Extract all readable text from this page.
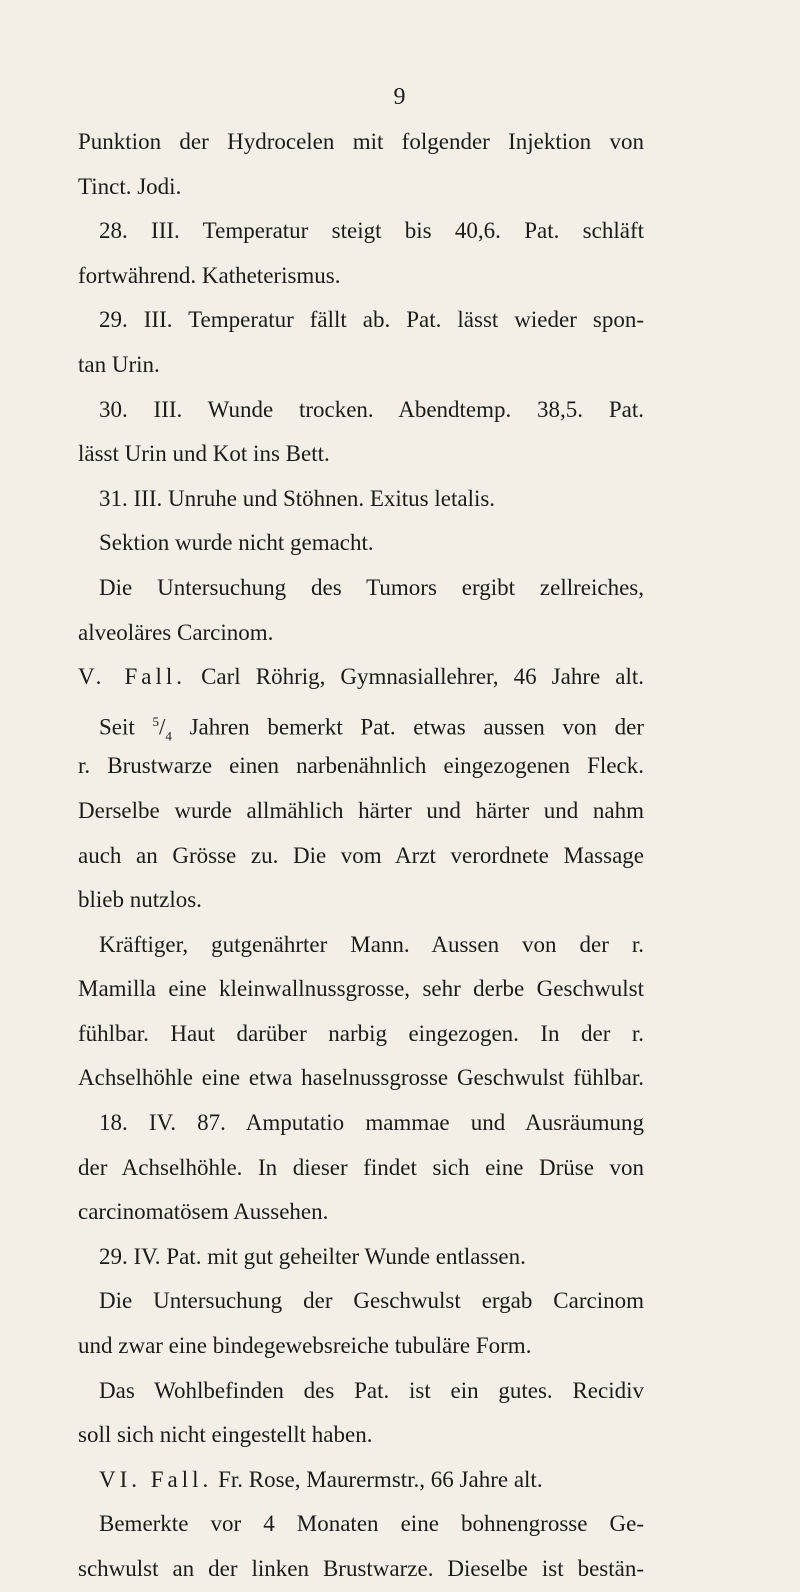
9
Punktion der Hydrocelen mit folgender Injektion von
Tinct. Jodi.
28. III. Temperatur steigt bis 40,6. Pat. schläft
fortwährend. Katheterismus.
29. III. Temperatur fällt ab. Pat. lässt wieder spon-
tan Urin.
30. III. Wunde trocken. Abendtemp. 38,5. Pat.
lässt Urin und Kot ins Bett.
31. III. Unruhe und Stöhnen. Exitus letalis.
Sektion wurde nicht gemacht.
Die Untersuchung des Tumors ergibt zellreiches,
alveoläres Carcinom.
V. Fall. Carl Röhrig, Gymnasiallehrer, 46 Jahre alt.
Seit $^5/_4$ Jahren bemerkt Pat. etwas aussen von der
r. Brustwarze einen narbenähnlich eingezogenen Fleck.
Derselbe wurde allmählich härter und härter und nahm
auch an Grösse zu. Die vom Arzt verordnete Massage
blieb nutzlos.
Kräftiger, gutgenährter Mann. Aussen von der r.
Mamilla eine kleinwallnussgrosse, sehr derbe Geschwulst
fühlbar. Haut darüber narbig eingezogen. In der r.
Achselhöhle eine etwa haselnussgrosse Geschwulst fühlbar.
18. IV. 87. Amputatio mammae und Ausräumung
der Achselhöhle. In dieser findet sich eine Drüse von
carcinomatösem Aussehen.
29. IV. Pat. mit gut geheilter Wunde entlassen.
Die Untersuchung der Geschwulst ergab Carcinom
und zwar eine bindegewebsreiche tubuläre Form.
Das Wohlbefinden des Pat. ist ein gutes. Recidiv
soll sich nicht eingestellt haben.
VI. Fall. Fr. Rose, Maurermstr., 66 Jahre alt.
Bemerkte vor 4 Monaten eine bohnengrosse Ge-
schwulst an der linken Brustwarze. Dieselbe ist bestän-
